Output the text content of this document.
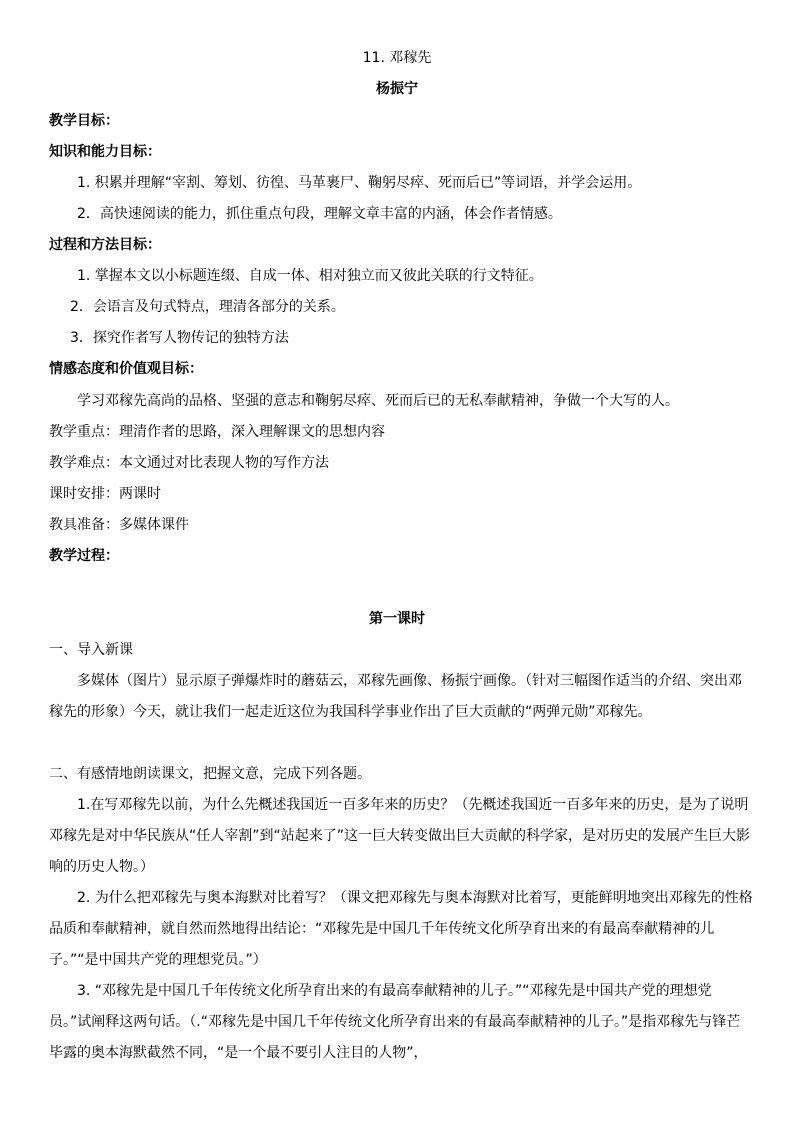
11. 邓稼先
杨振宁
教学目标：
知识和能力目标：
1. 积累并理解“宰割、筹划、彷徨、马革裹尸、鞠躬尽瘁、死而后已”等词语，并学会运用。
2．高快速阅读的能力，抓住重点句段，理解文章丰富的内涵，体会作者情感。
过程和方法目标：
1. 掌握本文以小标题连缀、自成一体、相对独立而又彼此关联的行文特征。
2．会语言及句式特点，理清各部分的关系。
3．探究作者写人物传记的独特方法
情感态度和价值观目标：
学习邓稼先高尚的品格、坚强的意志和鞠躬尽瘁、死而后已的无私奉献精神，争做一个大写的人。
教学重点：理清作者的思路，深入理解课文的思想内容
教学难点：本文通过对比表现人物的写作方法
课时安排：两课时
教具准备：多媒体课件
教学过程：
第一课时
一、导入新课

多媒体（图片）显示原子弹爆炸时的蘑菇云，邓稼先画像、杨振宁画像。（针对三幅图作适当的介绍、突出邓稼先的形象）今天，就让我们一起走近这位为我国科学事业作出了巨大贡献的“两弹元勋”邓稼先。

二、有感情地朗读课文，把握文意，完成下列各题。

1.在写邓稼先以前，为什么先概述我国近一百多年来的历史？（先概述我国近一百多年来的历史，是为了说明邓稼先是对中华民族从“任人宰割”到“站起来了”这一巨大转变做出巨大贡献的科学家，是对历史的发展产生巨大影响的历史人物。）

2. 为什么把邓稼先与奥本海默对比着写？（课文把邓稼先与奥本海默对比着写，更能鲜明地突出邓稼先的性格品质和奉献精神，就自然而然地得出结论：“邓稼先是中国几千年传统文化所孕育出来的有最高奉献精神的儿子。”“是中国共产党的理想党员。”）

3. “邓稼先是中国几千年传统文化所孕育出来的有最高奉献精神的儿子。”“邓稼先是中国共产党的理想党员。”试阐释这两句话。（.“邓稼先是中国几千年传统文化所孕育出来的有最高奉献精神的儿子。”是指邓稼先与锋芒毕露的奥本海默截然不同，“是一个最不要引人注目的人物”，
